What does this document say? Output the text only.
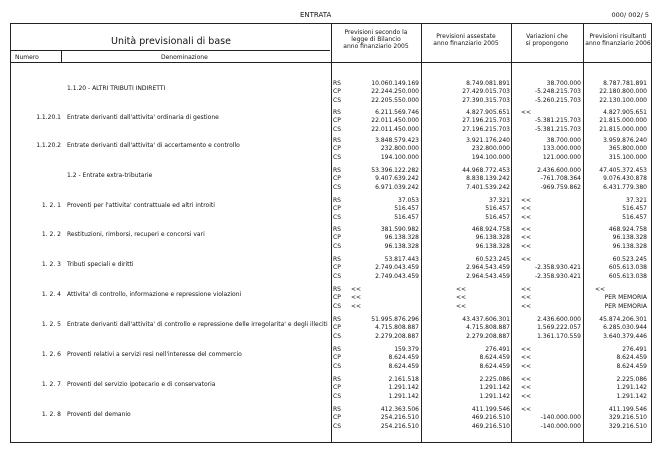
ENTRATA	000/ 002/ 5
Unità previsionali di base
Numero	Denominazione
Previsioni secondo la
legge di Bilancio
anno finanziario 2005
Previsioni assestate
anno finanziario 2005
Variazioni che
si propongono
Previsioni risultanti
anno finanziario 2006
1.1.20 - ALTRI TRIBUTI INDIRETTI
RS
CP
CS
10.060.149.169
22.244.250.000
22.205.550.000
8.749.081.891
27.429.015.703
27.390.315.703
38.700.000
-5.248.215.703
-5.260.215.703
8.787.781.891
22.180.800.000
22.130.100.000
1.1.20.1 Entrate derivanti dall'attivita' ordinaria di gestione
RS
CP
CS
6.211.569.746
22.011.450.000
22.011.450.000
4.827.905.651
27.196.215.703
27.196.215.703
<<
-5.381.215.703
-5.381.215.703
4.827.905.651
21.815.000.000
21.815.000.000
1.1.20.2 Entrate derivanti dall'attivita' di accertamento e controllo
RS
CP
CS
3.848.579.423
232.800.000
194.100.000
3.921.176.240
232.800.000
194.100.000
38.700.000
133.000.000
121.000.000
3.959.876.240
365.800.000
315.100.000
1.2 - Entrate extra-tributarie
RS
CP
CS
53.396.122.282
9.407.639.242
6.971.039.242
44.968.772.453
8.838.139.242
7.401.539.242
2.436.600.000
-761.708.364
-969.759.862
47.405.372.453
9.076.430.878
6.431.779.380
1. 2. 1 Proventi per l'attivita' contrattuale ed altri introiti
RS
CP
CS
37.053
516.457
516.457
37.321
516.457
516.457
<<
<<
<<
37.321
516.457
516.457
1. 2. 2 Restituzioni, rimborsi, recuperi e concorsi vari
RS
CP
CS
381.590.982
96.138.328
96.138.328
468.924.758
96.138.328
96.138.328
<<
<<
<<
468.924.758
96.138.328
96.138.328
1. 2. 3 Tributi speciali e diritti
RS
CP
CS
53.817.443
2.749.043.459
2.749.043.459
60.523.245
2.964.543.459
2.964.543.459
<<
-2.358.930.421
-2.358.930.421
60.523.245
605.613.038
605.613.038
1. 2. 4 Attivita' di controllo, informazione e repressione violazioni
RS
CP
CS
<<
<<
<<
<<
<<
<<
<<
<<
<<
<<
PER MEMORIA
PER MEMORIA
1. 2. 5 Entrate derivanti dall'attivita' di controllo e repressione delle irregolarita' e degli illeciti
RS
CP
CS
51.995.876.296
4.715.808.887
2.279.208.887
43.437.606.301
4.715.808.887
2.279.208.887
2.436.600.000
1.569.222.057
1.361.170.559
45.874.206.301
6.285.030.944
3.640.379.446
1. 2. 6 Proventi relativi a servizi resi nell'interesse del commercio
RS
CP
CS
159.379
8.624.459
8.624.459
276.491
8.624.459
8.624.459
<<
<<
<<
276.491
8.624.459
8.624.459
1. 2. 7 Proventi del servizio ipotecario e di conservatoria
RS
CP
CS
2.161.518
1.291.142
1.291.142
2.225.086
1.291.142
1.291.142
<<
<<
<<
2.225.086
1.291.142
1.291.142
1. 2. 8 Proventi del demanio
RS
CP
CS
412.363.506
254.216.510
254.216.510
411.199.546
469.216.510
469.216.510
<<
-140.000.000
-140.000.000
411.199.546
329.216.510
329.216.510
